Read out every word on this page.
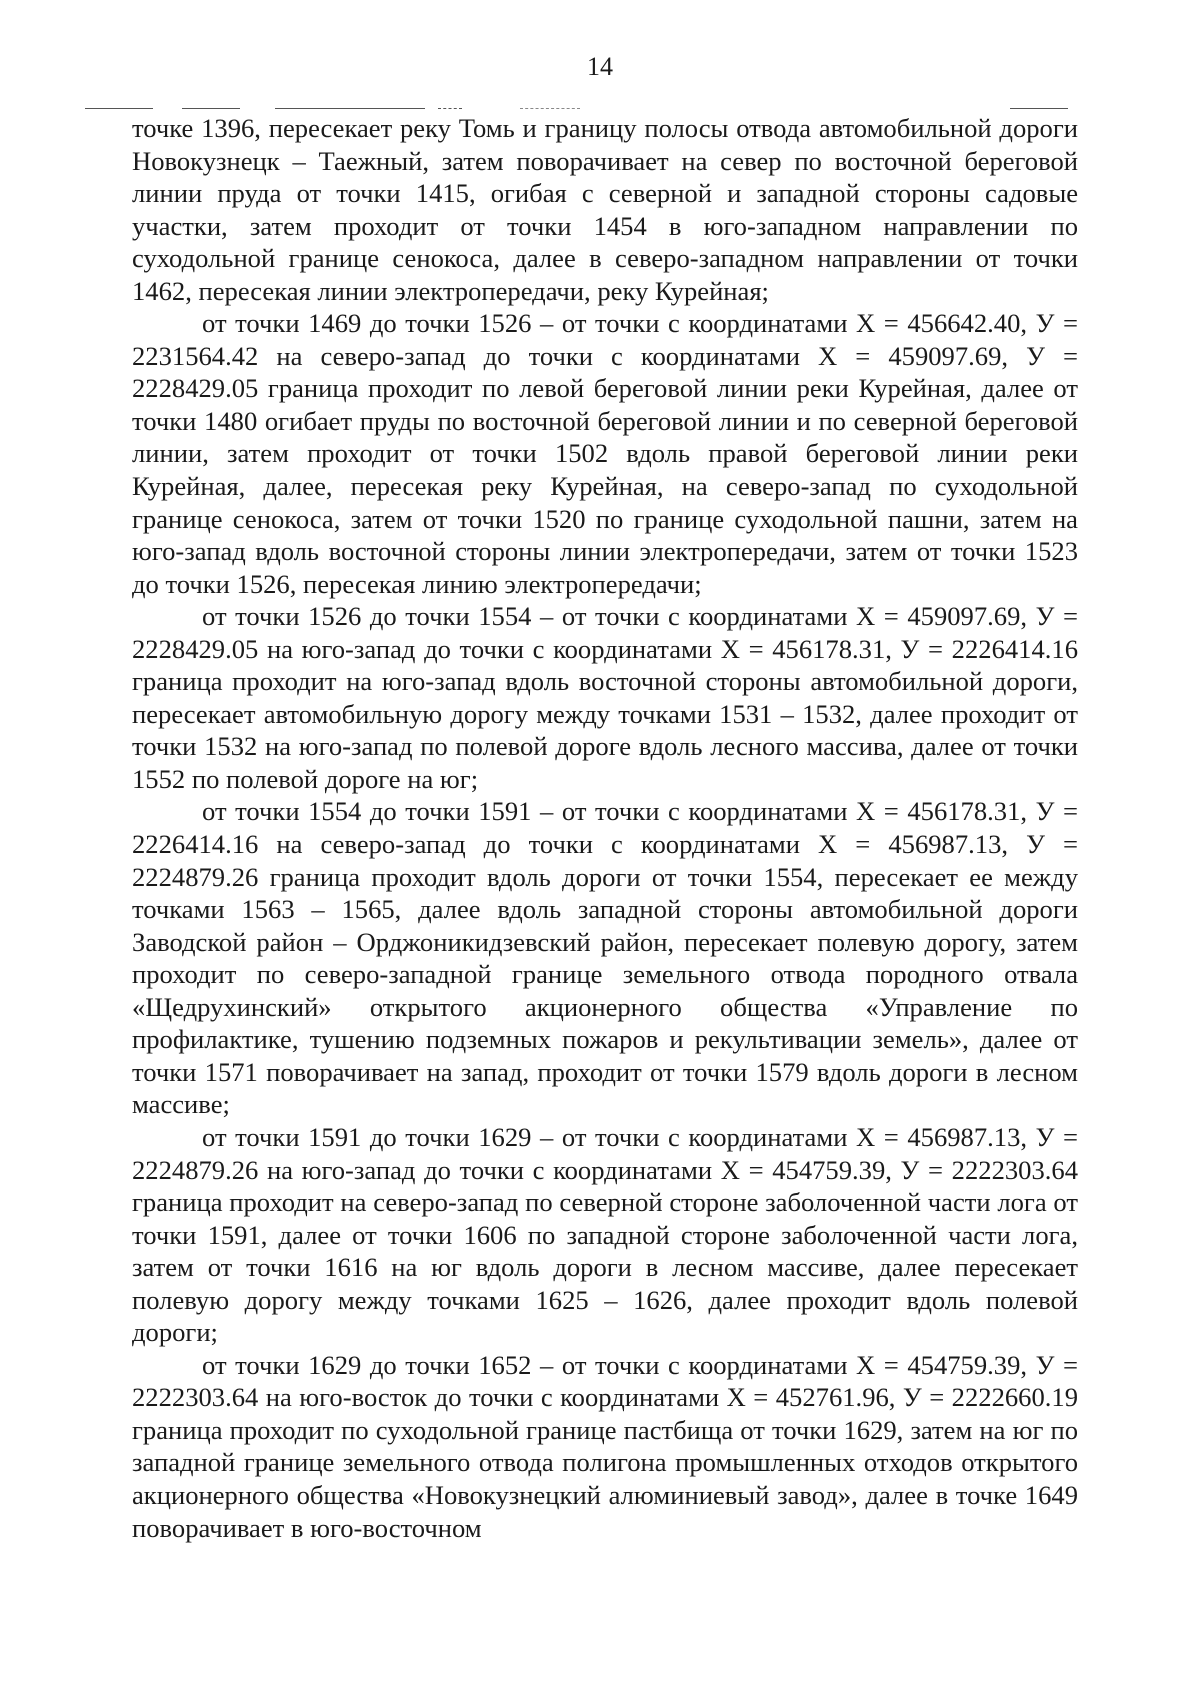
14

точке 1396, пересекает реку Томь и границу полосы отвода автомобильной дороги Новокузнецк – Таежный, затем поворачивает на север по восточной береговой линии пруда от точки 1415, огибая с северной и западной стороны садовые участки, затем проходит от точки 1454 в юго-западном направлении по суходольной границе сенокоса, далее в северо-западном направлении от точки 1462, пересекая линии электропередачи, реку Курейная;

от точки 1469 до точки 1526 – от точки с координатами Х = 456642.40, У = 2231564.42 на северо-запад до точки с координатами Х = 459097.69, У = 2228429.05 граница проходит по левой береговой линии реки Курейная, далее от точки 1480 огибает пруды по восточной береговой линии и по северной береговой линии, затем проходит от точки 1502 вдоль правой береговой линии реки Курейная, далее, пересекая реку Курейная, на северо-запад по суходольной границе сенокоса, затем от точки 1520 по границе суходольной пашни, затем на юго-запад вдоль восточной стороны линии электропередачи, затем от точки 1523 до точки 1526, пересекая линию электропередачи;

от точки 1526 до точки 1554 – от точки с координатами Х = 459097.69, У = 2228429.05 на юго-запад до точки с координатами Х = 456178.31, У = 2226414.16 граница проходит на юго-запад вдоль восточной стороны автомобильной дороги, пересекает автомобильную дорогу между точками 1531 – 1532, далее проходит от точки 1532 на юго-запад по полевой дороге вдоль лесного массива, далее от точки 1552 по полевой дороге на юг;

от точки 1554 до точки 1591 – от точки с координатами Х = 456178.31, У = 2226414.16 на северо-запад до точки с координатами Х = 456987.13, У = 2224879.26 граница проходит вдоль дороги от точки 1554, пересекает ее между точками 1563 – 1565, далее вдоль западной стороны автомобильной дороги Заводской район – Орджоникидзевский район, пересекает полевую дорогу, затем проходит по северо-западной границе земельного отвода породного отвала «Щедрухинский» открытого акционерного общества «Управление по профилактике, тушению подземных пожаров и рекультивации земель», далее от точки 1571 поворачивает на запад, проходит от точки 1579 вдоль дороги в лесном массиве;

от точки 1591 до точки 1629 – от точки с координатами Х = 456987.13, У = 2224879.26 на юго-запад до точки с координатами Х = 454759.39, У = 2222303.64 граница проходит на северо-запад по северной стороне заболоченной части лога от точки 1591, далее от точки 1606 по западной стороне заболоченной части лога, затем от точки 1616 на юг вдоль дороги в лесном массиве, далее пересекает полевую дорогу между точками 1625 – 1626, далее проходит вдоль полевой дороги;

от точки 1629 до точки 1652 – от точки с координатами Х = 454759.39, У = 2222303.64 на юго-восток до точки с координатами Х = 452761.96, У = 2222660.19 граница проходит по суходольной границе пастбища от точки 1629, затем на юг по западной границе земельного отвода полигона промышленных отходов открытого акционерного общества «Новокузнецкий алюминиевый завод», далее в точке 1649 поворачивает в юго-восточном
